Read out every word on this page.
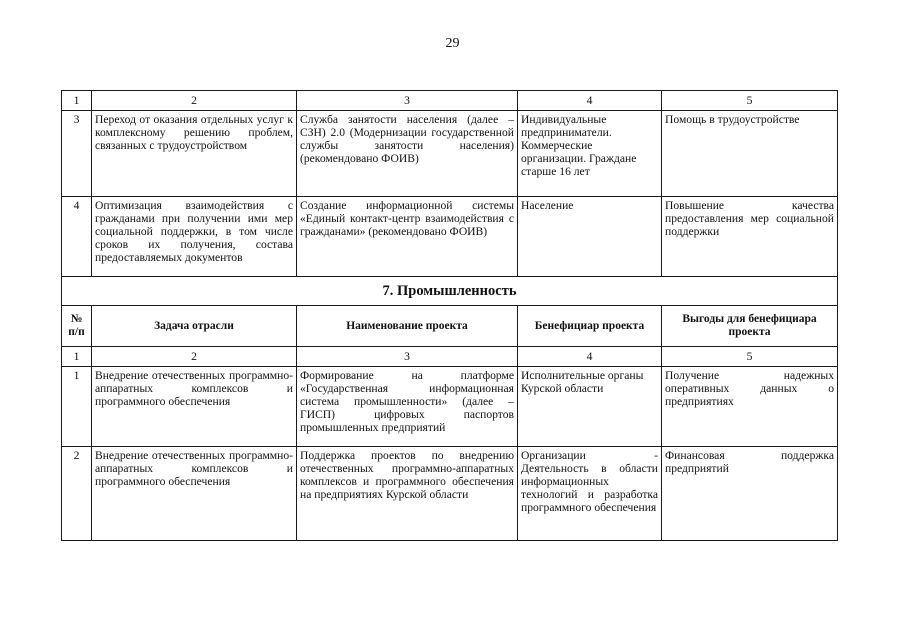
29
1	2	3	4	5
3	Переход от оказания отдельных услуг к комплексному решению проблем, связанных с трудоустройством	Служба занятости населения (далее – СЗН) 2.0 (Модернизации государственной службы занятости населения) (рекомендовано ФОИВ)	Индивидуальные предприниматели. Коммерческие организации. Граждане старше 16 лет	Помощь в трудоустройстве
4	Оптимизация взаимодействия с гражданами при получении ими мер социальной поддержки, в том числе сроков их получения, состава предоставляемых документов	Создание информационной системы «Единый контакт-центр взаимодействия с гражданами» (рекомендовано ФОИВ)	Население	Повышение качества предоставления мер социальной поддержки
7. Промышленность				
№ п/п	Задача отрасли	Наименование проекта	Бенефициар проекта	Выгоды для бенефициара проекта
1	2	3	4	5
1	Внедрение отечественных программно-аппаратных комплексов и программного обеспечения	Формирование на платформе «Государственная информационная система промышленности» (далее – ГИСП) цифровых паспортов промышленных предприятий	Исполнительные органы Курской области	Получение надежных оперативных данных о предприятиях
2	Внедрение отечественных программно-аппаратных комплексов и программного обеспечения	Поддержка проектов по внедрению отечественных программно-аппаратных комплексов и программного обеспечения на предприятиях Курской области	Организации - Деятельность в области информационных технологий и разработка программного обеспечения	Финансовая поддержка предприятий
